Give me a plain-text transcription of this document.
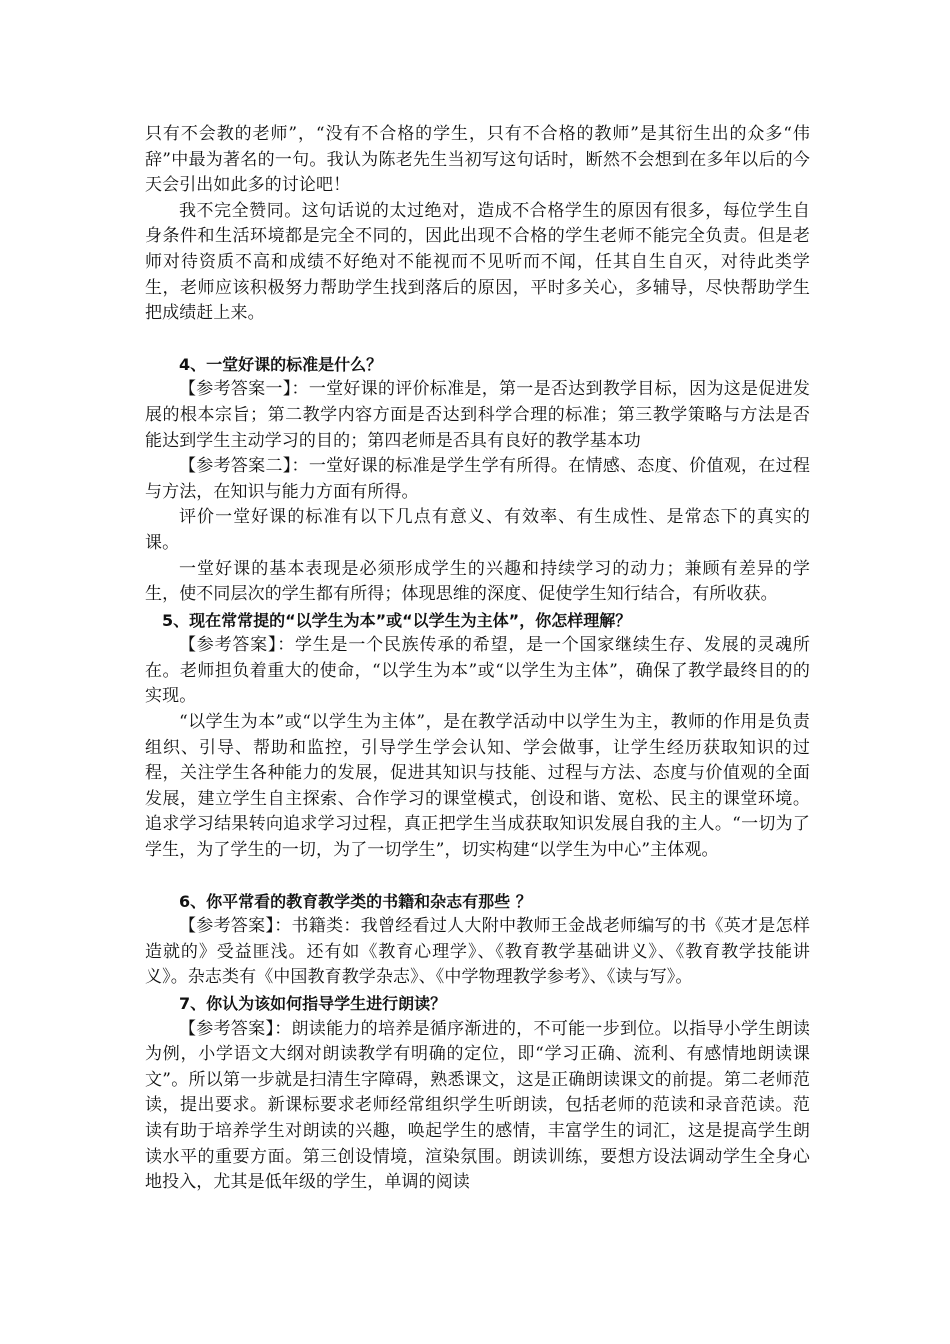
只有不会教的老师”，“没有不合格的学生，只有不合格的教师”是其衍生出的众多“伟辞”中最为著名的一句。我认为陈老先生当初写这句话时，断然不会想到在多年以后的今天会引出如此多的讨论吧！

我不完全赞同。这句话说的太过绝对，造成不合格学生的原因有很多，每位学生自身条件和生活环境都是完全不同的，因此出现不合格的学生老师不能完全负责。但是老师对待资质不高和成绩不好绝对不能视而不见听而不闻，任其自生自灭，对待此类学生，老师应该积极努力帮助学生找到落后的原因，平时多关心，多辅导，尽快帮助学生把成绩赶上来。

4、一堂好课的标准是什么？

【参考答案一】：一堂好课的评价标准是，第一是否达到教学目标，因为这是促进发展的根本宗旨；第二教学内容方面是否达到科学合理的标准；第三教学策略与方法是否能达到学生主动学习的目的；第四老师是否具有良好的教学基本功

【参考答案二】：一堂好课的标准是学生学有所得。在情感、态度、价值观，在过程与方法，在知识与能力方面有所得。

评价一堂好课的标准有以下几点有意义、有效率、有生成性、是常态下的真实的课。

一堂好课的基本表现是必须形成学生的兴趣和持续学习的动力；兼顾有差异的学生，使不同层次的学生都有所得；体现思维的深度、促使学生知行结合，有所收获。

5、现在常常提的“以学生为本”或“以学生为主体”，你怎样理解？

【参考答案】：学生是一个民族传承的希望，是一个国家继续生存、发展的灵魂所在。老师担负着重大的使命，“以学生为本”或“以学生为主体”，确保了教学最终目的的实现。

“以学生为本”或“以学生为主体”，是在教学活动中以学生为主，教师的作用是负责组织、引导、帮助和监控，引导学生学会认知、学会做事，让学生经历获取知识的过程，关注学生各种能力的发展，促进其知识与技能、过程与方法、态度与价值观的全面发展，建立学生自主探索、合作学习的课堂模式，创设和谐、宽松、民主的课堂环境。追求学习结果转向追求学习过程，真正把学生当成获取知识发展自我的主人。“一切为了学生，为了学生的一切，为了一切学生”，切实构建“以学生为中心”主体观。

6、你平常看的教育教学类的书籍和杂志有那些 ？

【参考答案】：书籍类：我曾经看过人大附中教师王金战老师编写的书《英才是怎样造就的》受益匪浅。还有如《教育心理学》、《教育教学基础讲义》、《教育教学技能讲义》。杂志类有《中国教育教学杂志》、《中学物理教学参考》、《读与写》。

7、你认为该如何指导学生进行朗读？

【参考答案】：朗读能力的培养是循序渐进的，不可能一步到位。以指导小学生朗读为例，小学语文大纲对朗读教学有明确的定位，即“学习正确、流利、有感情地朗读课文”。所以第一步就是扫清生字障碍，熟悉课文，这是正确朗读课文的前提。第二老师范读，提出要求。新课标要求老师经常组织学生听朗读，包括老师的范读和录音范读。范读有助于培养学生对朗读的兴趣，唤起学生的感情，丰富学生的词汇，这是提高学生朗读水平的重要方面。第三创设情境，渲染氛围。朗读训练，要想方设法调动学生全身心地投入，尤其是低年级的学生，单调的阅读
